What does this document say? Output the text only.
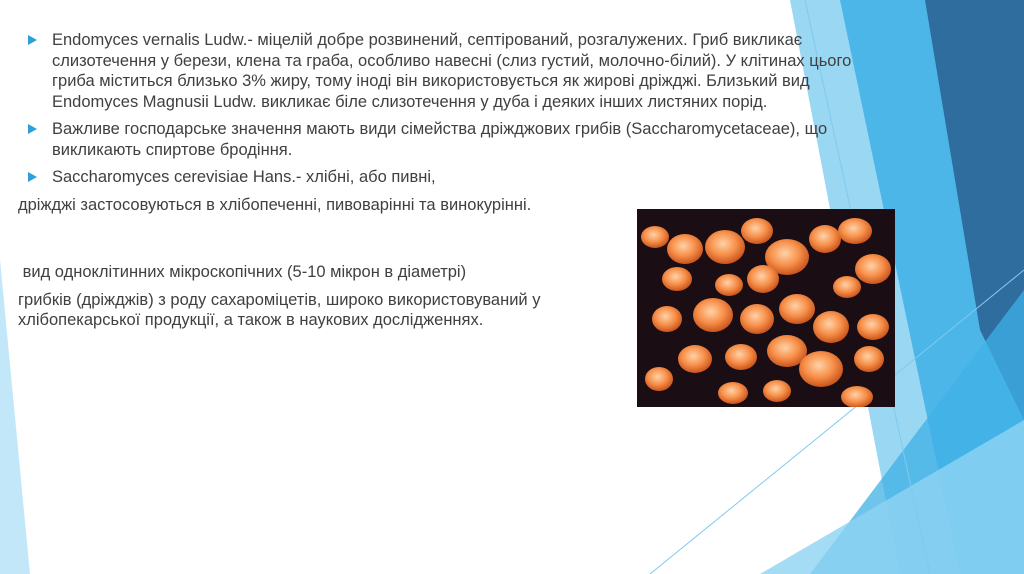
Endomyces vernalis Ludw.- міцелій добре розвинений, септірований, розгалужених. Гриб викликає слизотечення у берези, клена та граба, особливо навесні (слиз густий, молочно-білий). У клітинах цього гриба міститься близько 3% жиру, тому іноді він використовується як жирові дріжджі. Близький вид Endomyces Magnusii Ludw. викликає біле слизотечення у дуба і деяких інших листяних порід.
Важливе господарське значення мають види сімейства дріжджових грибів (Saccharomycetaceae), що викликають спиртове бродіння.
Saccharomyces cerevisiae Hans.- хлібні, або пивні,
дріжджі застосовуються в хлібопеченні, пивоварінні та винокурінні.
вид одноклітинних мікроскопічних (5-10 мікрон в діаметрі)
грибків (дріжджів) з роду сахароміцетів, широко використовуваний у
хлібопекарської продукції, а також в наукових дослідженнях.
